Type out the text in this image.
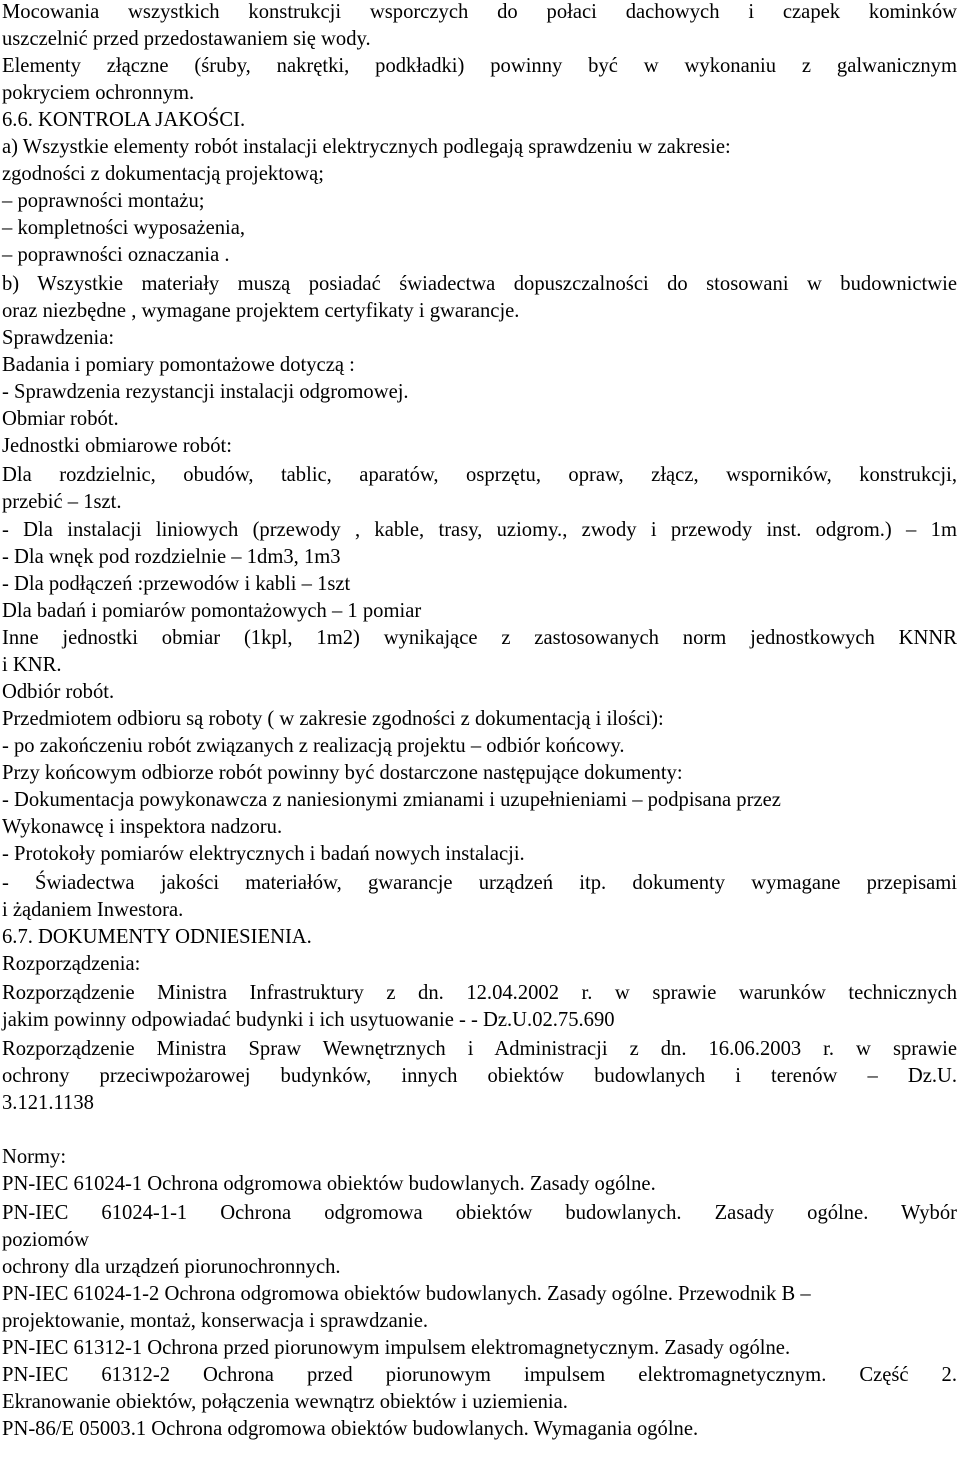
Mocowania wszystkich konstrukcji wsporczych do połaci dachowych i czapek kominków

uszczelnić przed przedostawaniem się wody.

Elementy złączne (śruby, nakrętki, podkładki) powinny być w wykonaniu z galwanicznym

pokryciem ochronnym.

6.6. KONTROLA JAKOŚCI.

a) Wszystkie elementy robót instalacji elektrycznych podlegają sprawdzeniu w zakresie:

zgodności z dokumentacją projektową;

– poprawności montażu;

– kompletności wyposażenia,

– poprawności oznaczania .

b) Wszystkie materiały muszą posiadać świadectwa dopuszczalności do stosowani w budownictwie

oraz niezbędne , wymagane projektem certyfikaty i gwarancje.

Sprawdzenia:

Badania i pomiary pomontażowe dotyczą :

- Sprawdzenia rezystancji instalacji odgromowej.

Obmiar robót.

Jednostki obmiarowe robót:

Dla rozdzielnic, obudów, tablic, aparatów, osprzętu, opraw, złącz, wsporników, konstrukcji,

przebić – 1szt.

- Dla instalacji liniowych (przewody , kable, trasy, uziomy., zwody i przewody inst. odgrom.) – 1m

- Dla wnęk pod rozdzielnie – 1dm3, 1m3

- Dla podłączeń :przewodów i kabli – 1szt

Dla badań i pomiarów pomontażowych – 1 pomiar

Inne jednostki obmiar (1kpl, 1m2) wynikające z zastosowanych norm jednostkowych KNNR

i KNR.

Odbiór robót.

Przedmiotem odbioru są roboty ( w zakresie zgodności z dokumentacją i ilości):

- po zakończeniu robót związanych z realizacją projektu – odbiór końcowy.

Przy końcowym odbiorze robót powinny być dostarczone następujące dokumenty:

- Dokumentacja powykonawcza z naniesionymi zmianami i uzupełnieniami – podpisana przez

Wykonawcę i inspektora nadzoru.

- Protokoły pomiarów elektrycznych i badań nowych instalacji.

- Świadectwa jakości materiałów, gwarancje urządzeń itp. dokumenty wymagane przepisami

i żądaniem Inwestora.

6.7. DOKUMENTY ODNIESIENIA.

Rozporządzenia:

Rozporządzenie Ministra Infrastruktury z dn. 12.04.2002 r. w sprawie warunków technicznych

jakim powinny odpowiadać budynki i ich usytuowanie - - Dz.U.02.75.690

Rozporządzenie Ministra Spraw Wewnętrznych i Administracji z dn. 16.06.2003 r. w sprawie

ochrony przeciwpożarowej budynków, innych obiektów budowlanych i terenów – Dz.U.

3.121.1138

Normy:

PN-IEC 61024-1 Ochrona odgromowa obiektów budowlanych. Zasady ogólne.

PN-IEC 61024-1-1 Ochrona odgromowa obiektów budowlanych. Zasady ogólne. Wybór

poziomów

ochrony dla urządzeń piorunochronnych.

PN-IEC 61024-1-2 Ochrona odgromowa obiektów budowlanych. Zasady ogólne. Przewodnik B –

projektowanie, montaż, konserwacja i sprawdzanie.

PN-IEC 61312-1 Ochrona przed piorunowym impulsem elektromagnetycznym. Zasady ogólne.

PN-IEC 61312-2 Ochrona przed piorunowym impulsem elektromagnetycznym. Część 2.

Ekranowanie obiektów, połączenia wewnątrz obiektów i uziemienia.

PN-86/E 05003.1 Ochrona odgromowa obiektów budowlanych. Wymagania ogólne.
